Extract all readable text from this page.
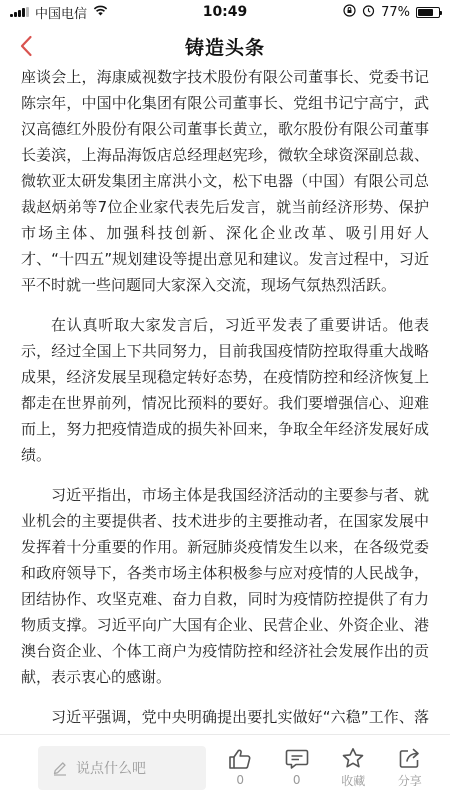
中国电信	10:49	77%
铸造头条

座谈会上，海康威视数字技术股份有限公司董事长、党委书记陈宗年，中国中化集团有限公司董事长、党组书记宁高宁，武汉高德红外股份有限公司董事长黄立，歌尔股份有限公司董事长姜滨，上海品海饭店总经理赵宪珍，微软全球资深副总裁、微软亚太研发集团主席洪小文，松下电器（中国）有限公司总裁赵炳弟等7位企业家代表先后发言，就当前经济形势、保护市场主体、加强科技创新、深化企业改革、吸引用好人才、“十四五”规划建设等提出意见和建议。发言过程中，习近平不时就一些问题同大家深入交流，现场气氛热烈活跃。

在认真听取大家发言后，习近平发表了重要讲话。他表示，经过全国上下共同努力，目前我国疫情防控取得重大战略成果，经济发展呈现稳定转好态势，在疫情防控和经济恢复上都走在世界前列，情况比预料的要好。我们要增强信心、迎难而上，努力把疫情造成的损失补回来，争取全年经济发展好成绩。

习近平指出，市场主体是我国经济活动的主要参与者、就业机会的主要提供者、技术进步的主要推动者，在国家发展中发挥着十分重要的作用。新冠肺炎疫情发生以来，在各级党委和政府领导下，各类市场主体积极参与应对疫情的人民战争，团结协作、攻坚克难、奋力自救，同时为疫情防控提供了有力物质支撑。习近平向广大国有企业、民营企业、外资企业、港澳台资企业、个体工商户为疫情防控和经济社会发展作出的贡献，表示衷心的感谢。

习近平强调，党中央明确提出要扎实做好“六稳”工作、落

说点什么吧
0	0	收藏	分享
